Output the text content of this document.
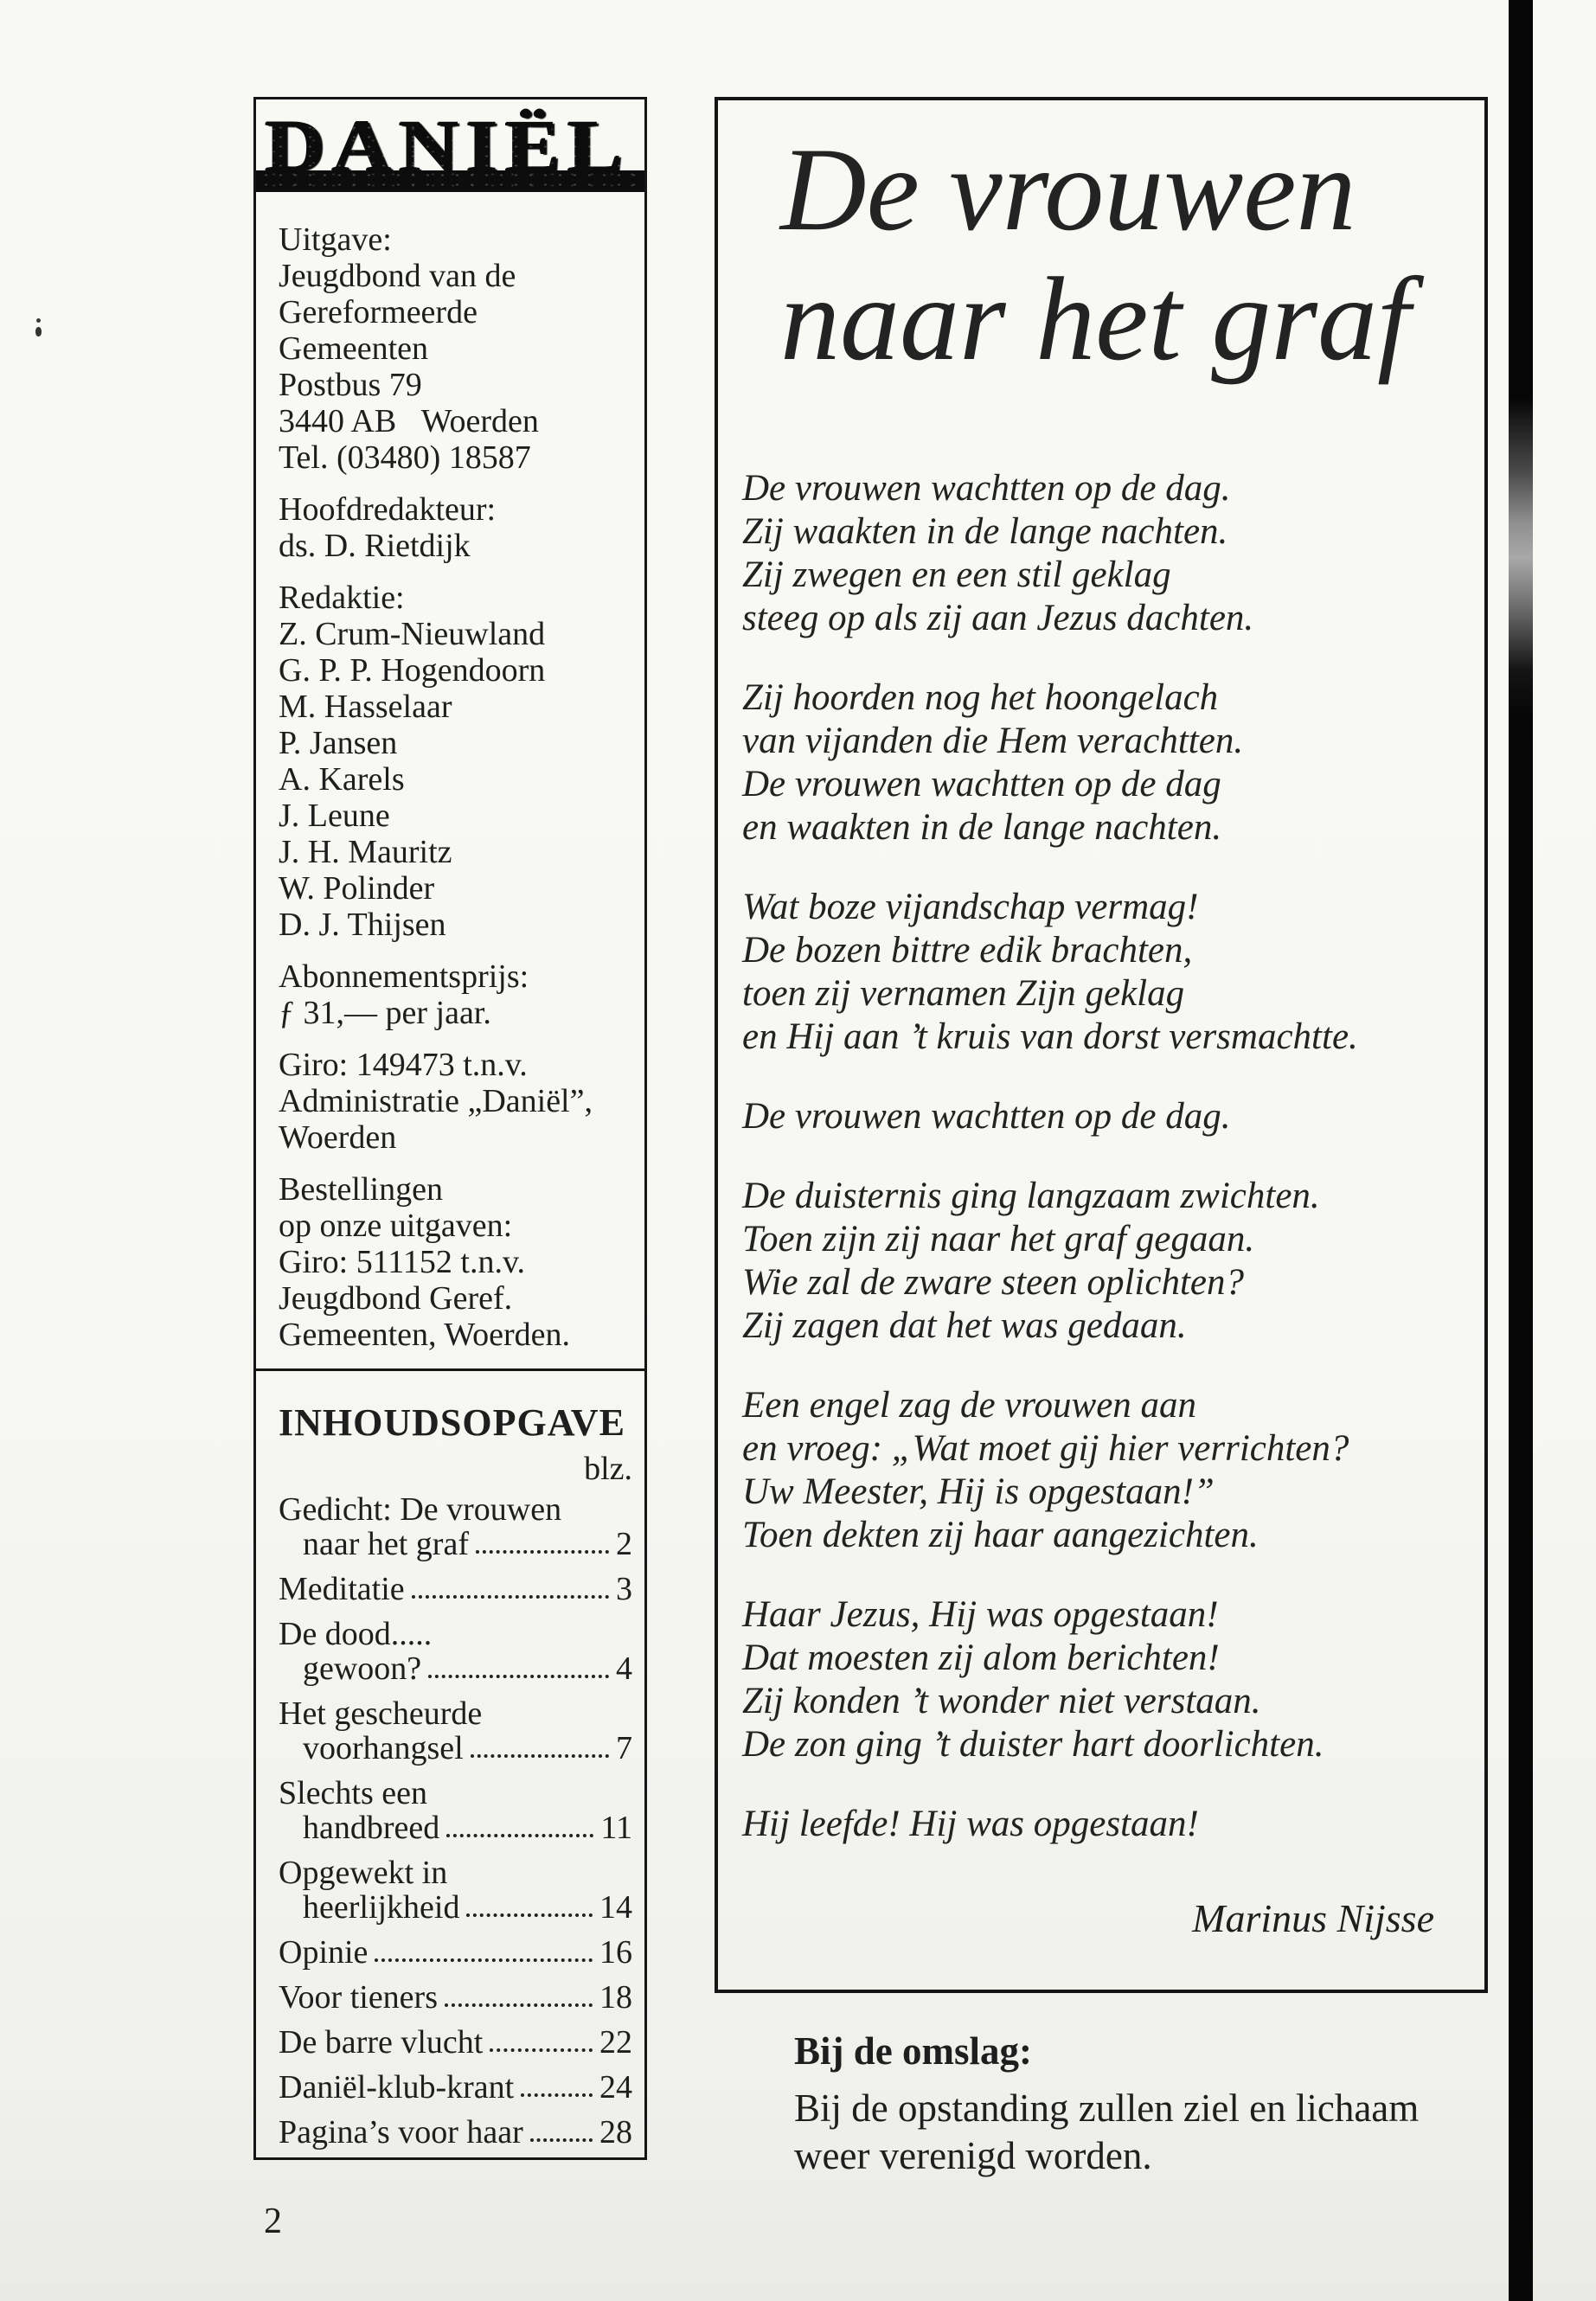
DANIËL
Uitgave:
Jeugdbond van de
Gereformeerde
Gemeenten
Postbus 79
3440 AB   Woerden
Tel. (03480) 18587
Hoofdredakteur:
ds. D. Rietdijk
Redaktie:
Z. Crum-Nieuwland
G. P. P. Hogendoorn
M. Hasselaar
P. Jansen
A. Karels
J. Leune
J. H. Mauritz
W. Polinder
D. J. Thijsen
Abonnementsprijs:
ƒ 31,— per jaar.
Giro: 149473 t.n.v.
Administratie „Daniël”,
Woerden
Bestellingen
op onze uitgaven:
Giro: 511152 t.n.v.
Jeugdbond Geref.
Gemeenten, Woerden.
INHOUDSOPGAVE
blz.
Gedicht: De vrouwen
naar het graf	2
Meditatie	3
De dood.....
gewoon?	4
Het gescheurde
voorhangsel	7
Slechts een
handbreed	11
Opgewekt in
heerlijkheid	14
Opinie	16
Voor tieners	18
De barre vlucht	22
Daniël-klub-krant	24
Pagina’s voor haar 28
De vrouwen
naar het graf
De vrouwen wachtten op de dag.
Zij waakten in de lange nachten.
Zij zwegen en een stil geklag
steeg op als zij aan Jezus dachten.
Zij hoorden nog het hoongelach
van vijanden die Hem verachtten.
De vrouwen wachtten op de dag
en waakten in de lange nachten.
Wat boze vijandschap vermag!
De bozen bittre edik brachten,
toen zij vernamen Zijn geklag
en Hij aan ’t kruis van dorst versmachtte.
De vrouwen wachtten op de dag.
De duisternis ging langzaam zwichten.
Toen zijn zij naar het graf gegaan.
Wie zal de zware steen oplichten?
Zij zagen dat het was gedaan.
Een engel zag de vrouwen aan
en vroeg: „Wat moet gij hier verrichten?
Uw Meester, Hij is opgestaan!”
Toen dekten zij haar aangezichten.
Haar Jezus, Hij was opgestaan!
Dat moesten zij alom berichten!
Zij konden ’t wonder niet verstaan.
De zon ging ’t duister hart doorlichten.
Hij leefde! Hij was opgestaan!
Marinus Nijsse
Bij de omslag:
Bij de opstanding zullen ziel en lichaam
weer verenigd worden.
2
